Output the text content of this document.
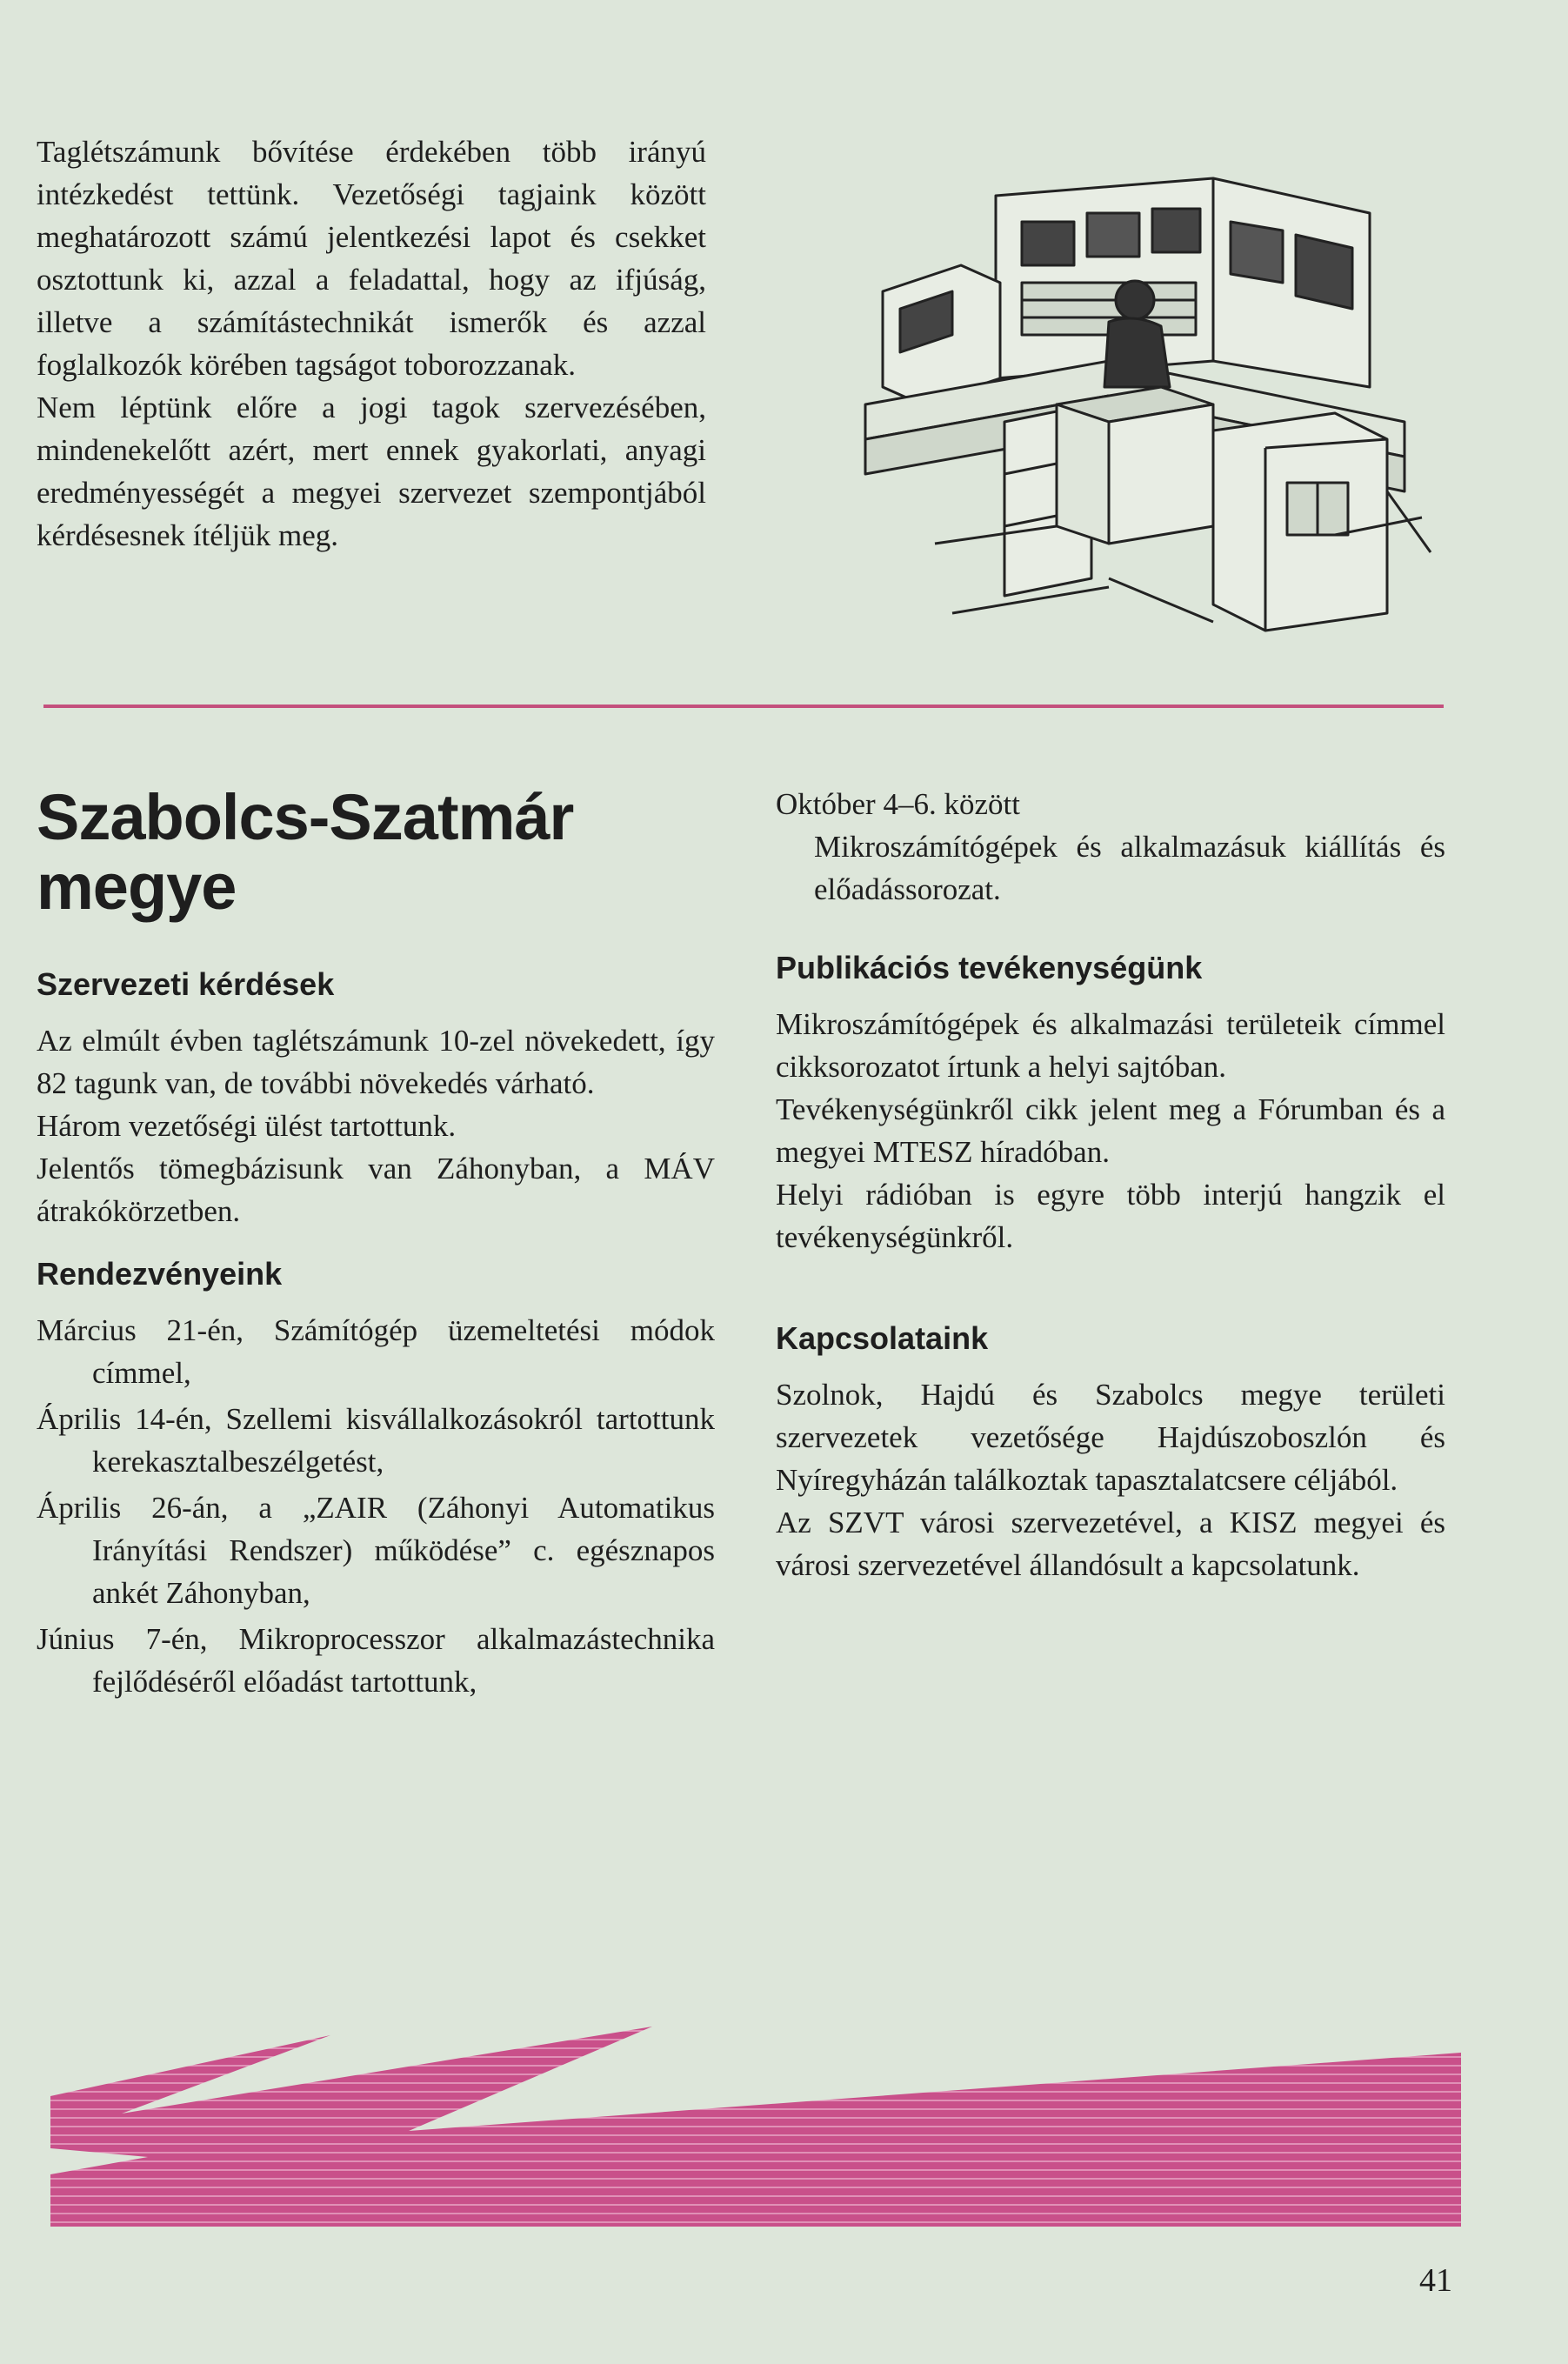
Taglétszámunk bővítése érdekében több irányú intézkedést tettünk. Vezetőségi tagjaink között meghatározott számú jelentkezési lapot és csekket osztottunk ki, azzal a feladattal, hogy az ifjúság, illetve a számítástechnikát ismerők és azzal foglalkozók körében tagságot toborozzanak.

Nem léptünk előre a jogi tagok szervezésében, mindenekelőtt azért, mert ennek gyakorlati, anyagi eredményességét a megyei szervezet szempontjából kérdésesnek ítéljük meg.

Szabolcs-Szatmár
megye
Szervezeti kérdések

Az elmúlt évben taglétszámunk 10-zel növekedett, így 82 tagunk van, de további növekedés várható.

Három vezetőségi ülést tartottunk.

Jelentős tömegbázisunk van Záhonyban, a MÁV átrakókörzetben.

Rendezvényeink

Március 21-én, Számítógép üzemeltetési módok címmel,

Április 14-én, Szellemi kisvállalkozásokról tartottunk kerekasztalbeszélgetést,

Április 26-án, a „ZAIR (Záhonyi Automatikus Irányítási Rendszer) működése” c. egésznapos ankét Záhonyban,

Június 7-én, Mikroprocesszor alkalmazástechnika fejlődéséről előadást tartottunk,

Október 4–6. között

Mikroszámítógépek és alkalmazásuk kiállítás és előadássorozat.

Publikációs tevékenységünk

Mikroszámítógépek és alkalmazási területeik címmel cikksorozatot írtunk a helyi sajtóban.

Tevékenységünkről cikk jelent meg a Fórumban és a megyei MTESZ híradóban.

Helyi rádióban is egyre több interjú hangzik el tevékenységünkről.

Kapcsolataink

Szolnok, Hajdú és Szabolcs megye területi szervezetek vezetősége Hajdúszoboszlón és Nyíregyházán találkoztak tapasztalatcsere céljából.

Az SZVT városi szervezetével, a KISZ megyei és városi szervezetével állandósult a kapcsolatunk.

41
